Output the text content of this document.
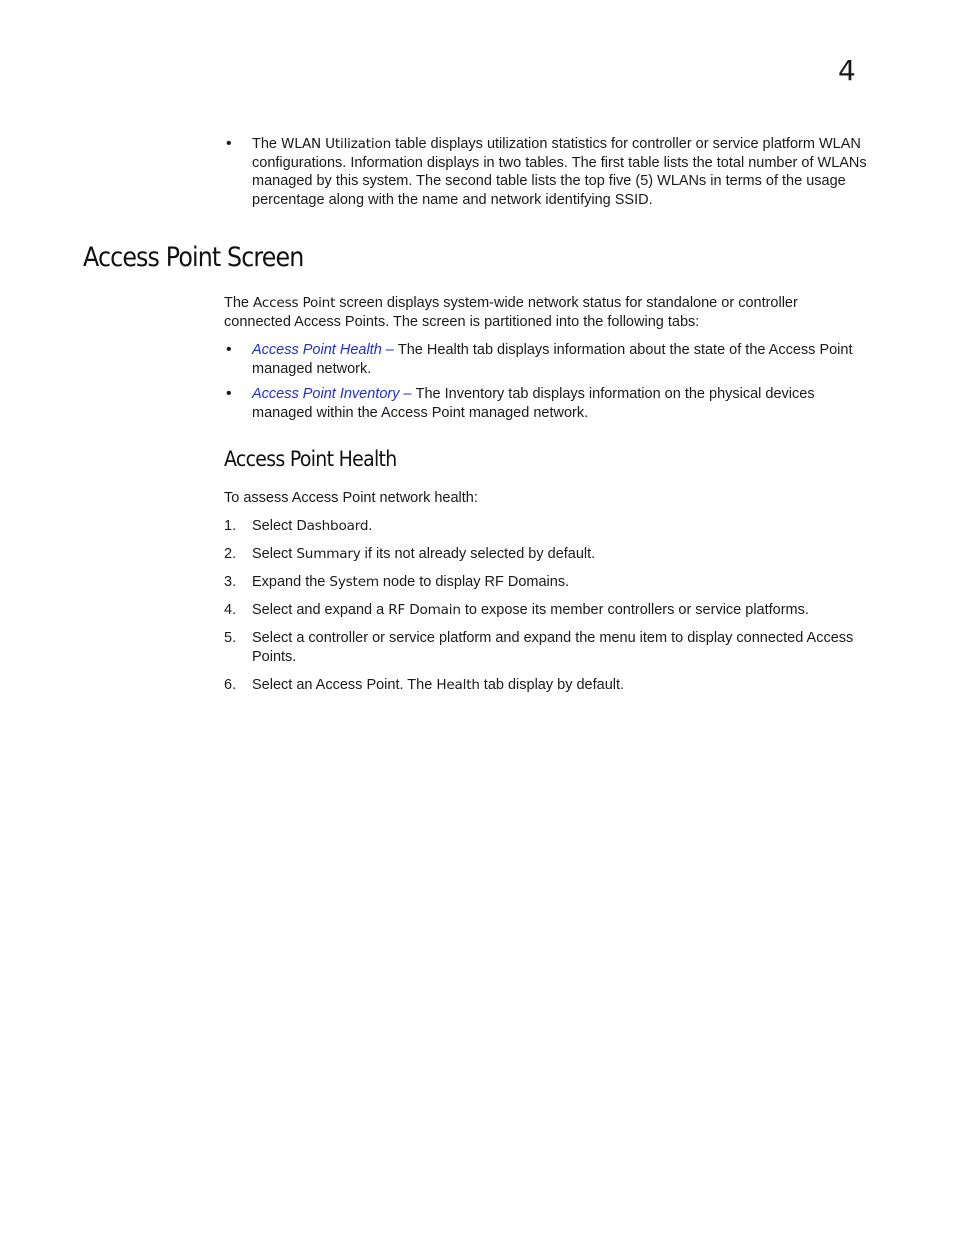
4
• The WLAN Utilization table displays utilization statistics for controller or service platform WLAN configurations. Information displays in two tables. The first table lists the total number of WLANs managed by this system. The second table lists the top five (5) WLANs in terms of the usage percentage along with the name and network identifying SSID.
Access Point Screen
The Access Point screen displays system-wide network status for standalone or controller connected Access Points. The screen is partitioned into the following tabs:
• Access Point Health – The Health tab displays information about the state of the Access Point managed network.
• Access Point Inventory – The Inventory tab displays information on the physical devices managed within the Access Point managed network.
Access Point Health
To assess Access Point network health:
1. Select Dashboard.
2. Select Summary if its not already selected by default.
3. Expand the System node to display RF Domains.
4. Select and expand a RF Domain to expose its member controllers or service platforms.
5. Select a controller or service platform and expand the menu item to display connected Access Points.
6. Select an Access Point. The Health tab display by default.
